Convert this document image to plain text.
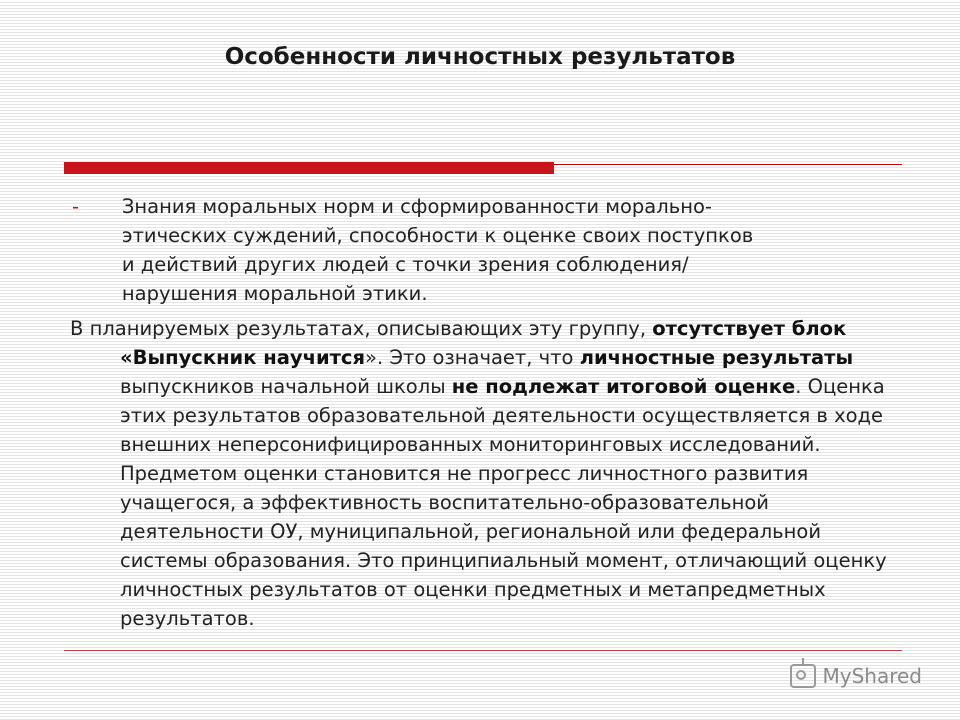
Особенности личностных результатов
-	Знания моральных норм и сформированности морально-
этических суждений, способности к оценке своих поступков
и действий других людей с точки зрения соблюдения/
нарушения моральной этики.
В планируемых результатах, описывающих эту группу, отсутствует блок «Выпускник научится». Это означает, что личностные результаты выпускников начальной школы не подлежат итоговой оценке. Оценка этих результатов образовательной деятельности осуществляется в ходе внешних неперсонифицированных мониторинговых исследований. Предметом оценки становится не прогресс личностного развития учащегося, а эффективность воспитательно-образовательной деятельности ОУ, муниципальной, региональной или федеральной системы образования. Это принципиальный момент, отличающий оценку личностных результатов от оценки предметных и метапредметных результатов.
MyShared
